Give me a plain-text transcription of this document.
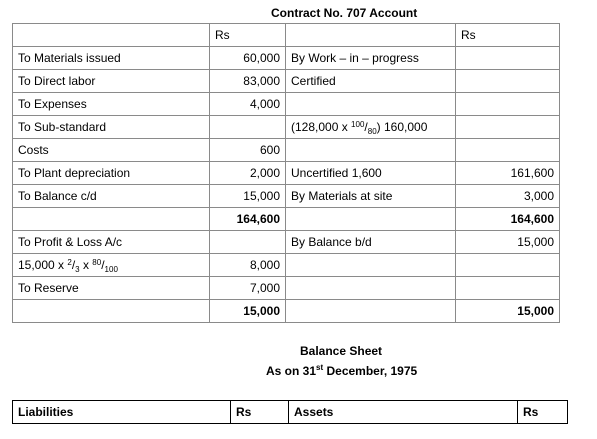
Contract No. 707 Account
	Rs		Rs
To Materials issued	60,000	By Work – in – progress	
To Direct labor	83,000	Certified	
To Expenses	4,000		
To Sub-standard		(128,000 x $^{100}/_{80}$) 160,000	
Costs	600		
To Plant depreciation	2,000	Uncertified 1,600	161,600
To Balance c/d	15,000	By Materials at site	3,000
	164,600		164,600
To Profit & Loss A/c		By Balance b/d	15,000
15,000 x $^2/_3$ x $^{80}/_{100}$	8,000		
To Reserve	7,000		
	15,000		15,000
Balance Sheet
As on 31st December, 1975
Liabilities	Rs	Assets	Rs
